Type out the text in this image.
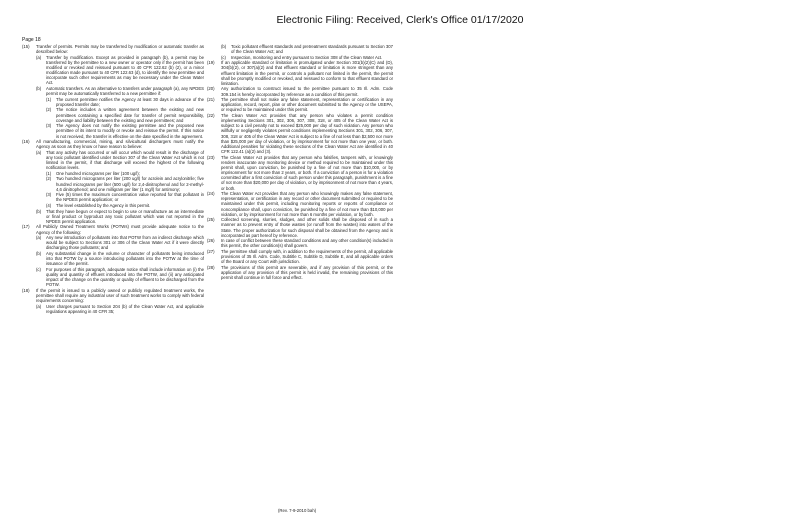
Electronic Filing: Received, Clerk's Office 01/17/2020
Page 18
(15) Transfer of permits. Permits may be transferred by modification or automatic transfer as described below:
(a) Transfer by modification. Except as provided in paragraph (b), a permit may be transferred by the permittee to a new owner or operator only if the permit has been modified or revoked and reissued pursuant to 40 CFR 122.62 (b) (2), or a minor modification made pursuant to 40 CFR 122.63 (d), to identify the new permittee and incorporate such other requirements as may be necessary under the Clean Water Act.
(b) Automatic transfers. As an alternative to transfers under paragraph (a), any NPDES permit may be automatically transferred to a new permittee if:
(1) The current permittee notifies the Agency at least 30 days in advance of the proposed transfer date;
(2) The notice includes a written agreement between the existing and new permittees containing a specified date for transfer of permit responsibility, coverage and liability between the existing and new permittees; and
(3) The Agency does not notify the existing permittee and the proposed new permittee of its intent to modify or revoke and reissue the permit. If this notice is not received, the transfer is effective on the date specified in the agreement.
(16) All manufacturing, commercial, mining, and silvicultural dischargers must notify the Agency as soon as they know or have reason to believe:
(a) That any activity has occurred or will occur which would result in the discharge of any toxic pollutant identified under Section 307 of the Clean Water Act which is not limited in the permit, if that discharge will exceed the highest of the following notification levels.
(1) One hundred micrograms per liter (100 ug/l);
(2) Two hundred micrograms per liter (200 ug/l) for acrolein and acrylonitrile; five hundred micrograms per liter (500 ug/l) for 2,4-dinitrophenol and for 2-methyl-4,6 dinitrophenol; and one milligram per liter (1 mg/l) for antimony;
(3) Five (5) times the maximum concentration value reported for that pollutant in the NPDES permit application; or
(4) The level established by the Agency in this permit.
(b) That they have begun or expect to begin to use or manufacture as an intermediate or final product or byproduct any toxic pollutant which was not reported in the NPDES permit application.
(17) All Publicly Owned Treatment Works (POTWs) must provide adequate notice to the Agency of the following:
(a) Any new introduction of pollutants into that POTW from an indirect discharge which would be subject to Sections 301 or 306 of the Clean Water Act if it were directly discharging those pollutants; and
(b) Any substantial change in the volume or character of pollutants being introduced into that POTW by a source introducing pollutants into the POTW at the time of issuance of the permit.
(c) For purposes of this paragraph, adequate notice shall include information on (i) the quality and quantity of effluent introduced into the POTW, and (ii) any anticipated impact of the change on the quantity or quality of effluent to be discharged from the POTW.
(18) If the permit is issued to a publicly owned or publicly regulated treatment works, the permittee shall require any industrial user of such treatment works to comply with federal requirements concerning:
(a) User charges pursuant to Section 204 (b) of the Clean Water Act, and applicable regulations appearing in 40 CFR 35;
(b) Toxic pollutant effluent standards and pretreatment standards pursuant to Section 307 of the Clean Water Act; and
(c) Inspection, monitoring and entry pursuant to Section 308 of the Clean Water Act.
(19) If an applicable standard or limitation is promulgated under Section 301(b)(2)(C) and (D), 304(b)(2), or 307(a)(2) and that effluent standard or limitation is more stringent than any effluent limitation in the permit, or controls a pollutant not limited in the permit, the permit shall be promptly modified or revoked, and reissued to conform to that effluent standard or limitation.
(20) Any authorization to construct issued to the permittee pursuant to 35 Ill. Adm. Code 309.154 is hereby incorporated by reference as a condition of this permit.
(21) The permittee shall not make any false statement, representation or certification in any application, record, report, plan or other document submitted to the Agency or the USEPA, or required to be maintained under this permit.
(22) The Clean Water Act provides that any person who violates a permit condition implementing Sections 301, 302, 306, 307, 308, 318, or 405 of the Clean Water Act is subject to a civil penalty not to exceed $25,000 per day of such violation. Any person who willfully or negligently violates permit conditions implementing Sections 301, 302, 306, 307, 308, 318 or 405 of the Clean Water Act is subject to a fine of not less than $2,500 nor more than $25,000 per day of violation, or by imprisonment for not more than one year, or both. Additional penalties for violating these sections of the Clean Water Act are identified in 40 CFR 122.41 (a)(2) and (3).
(23) The Clean Water Act provides that any person who falsifies, tampers with, or knowingly renders inaccurate any monitoring device or method required to be maintained under this permit shall, upon conviction, be punished by a fine of not more than $10,000, or by imprisonment for not more than 2 years, or both. If a conviction of a person is for a violation committed after a first conviction of such person under this paragraph, punishment is a fine of not more than $20,000 per day of violation, or by imprisonment of not more than 4 years, or both.
(24) The Clean Water Act provides that any person who knowingly makes any false statement, representation, or certification in any record or other document submitted or required to be maintained under this permit, including monitoring reports or reports of compliance or noncompliance shall, upon conviction, be punished by a fine of not more than $10,000 per violation, or by imprisonment for not more than 6 months per violation, or by both.
(25) Collected screening, slurries, sludges, and other solids shall be disposed of in such a manner as to prevent entry of those wastes (or runoff from the wastes) into waters of the State. The proper authorization for such disposal shall be obtained from the Agency and is incorporated as part hereof by reference.
(26) In case of conflict between these standard conditions and any other condition(s) included in this permit, the other condition(s) shall govern.
(27) The permittee shall comply with, in addition to the requirements of the permit, all applicable provisions of 35 Ill. Adm. Code, Subtitle C, Subtitle D, Subtitle E, and all applicable orders of the Board or any Court with jurisdiction.
(28) The provisions of this permit are severable, and if any provision of this permit, or the application of any provision of this permit is held invalid, the remaining provisions of this permit shall continue in full force and effect.
(Rev. 7-9-2010 bah)
